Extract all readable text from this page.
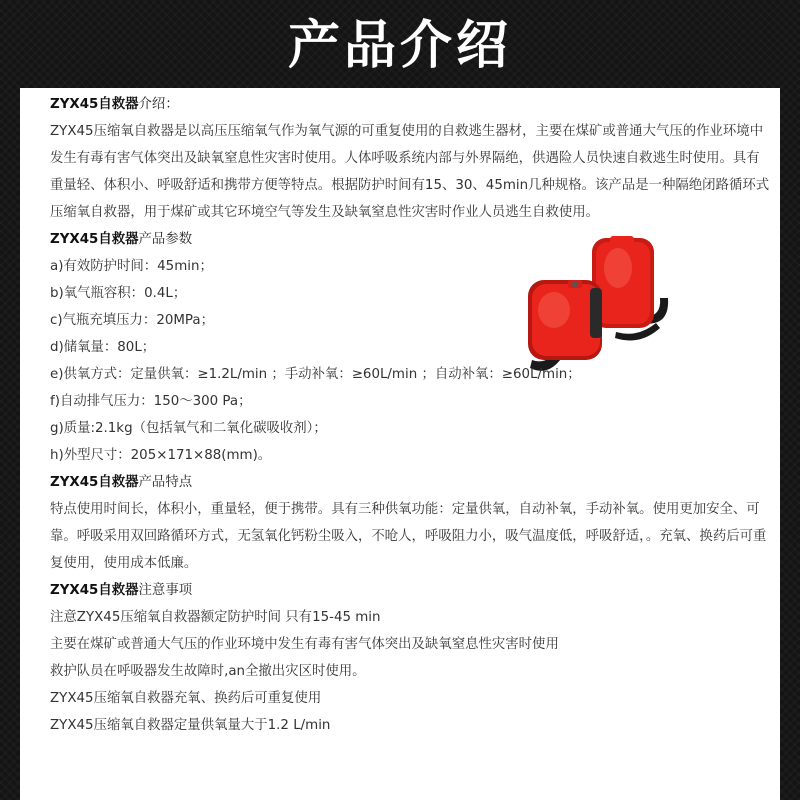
产品介绍

ZYX45自救器介绍：

ZYX45压缩氧自救器是以高压压缩氧气作为氧气源的可重复使用的自救逃生器材，主要在煤矿或普通大气压的作业环境中发生有毒有害气体突出及缺氧窒息性灾害时使用。人体呼吸系统内部与外界隔绝，供遇险人员快速自救逃生时使用。具有重量轻、体积小、呼吸舒适和携带方便等特点。根据防护时间有15、30、45min几种规格。该产品是一种隔绝闭路循环式压缩氧自救器，用于煤矿或其它环境空气等发生及缺氧窒息性灾害时作业人员逃生自救使用。

ZYX45自救器产品参数

a)有效防护时间：45min；

b)氧气瓶容积：0.4L；

c)气瓶充填压力：20MPa；

d)储氧量：80L；

e)供氧方式：定量供氧：≥1.2L/min ；手动补氧：≥60L/min ；自动补氧：≥60L/min；

f)自动排气压力：150～300 Pa；

g)质量:2.1kg（包括氧气和二氧化碳吸收剂）；

h)外型尺寸：205×171×88(mm)。

ZYX45自救器产品特点

特点使用时间长，体积小，重量轻，便于携带。具有三种供氧功能：定量供氧，自动补氧，手动补氧。使用更加安全、可靠。呼吸采用双回路循环方式，无氢氧化钙粉尘吸入，不呛人，呼吸阻力小，吸气温度低，呼吸舒适，。充氧、换药后可重复使用，使用成本低廉。

ZYX45自救器注意事项

注意ZYX45压缩氧自救器额定防护时间 只有15-45 min

主要在煤矿或普通大气压的作业环境中发生有毒有害气体突出及缺氧窒息性灾害时使用

救护队员在呼吸器发生故障时,an全撤出灾区时使用。

ZYX45压缩氧自救器充氧、换药后可重复使用

ZYX45压缩氧自救器定量供氧量大于1.2 L/min
